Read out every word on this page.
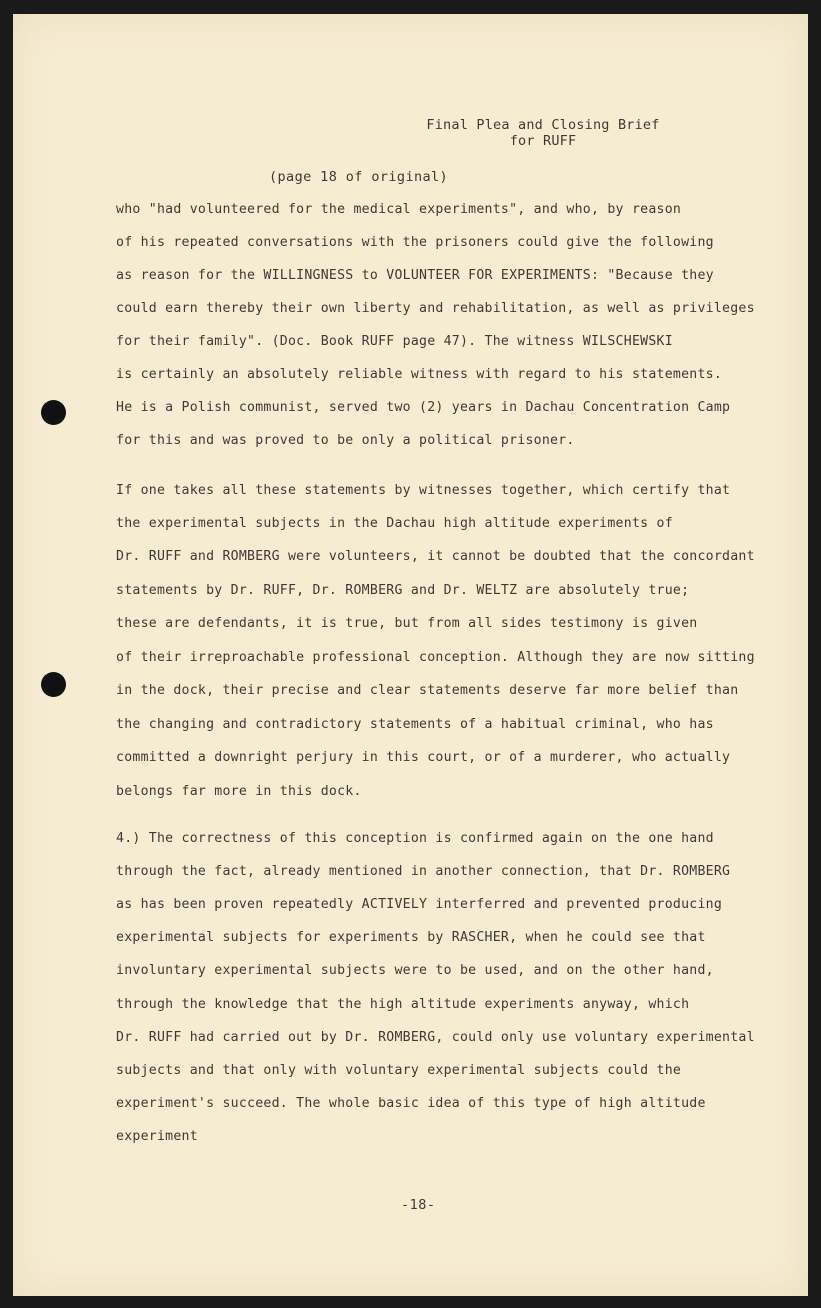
Final Plea and Closing Brief
for RUFF
(page 18 of original)
who "had volunteered for the medical experiments", and who, by reason
of his repeated conversations with the prisoners could give the following
as reason for the WILLINGNESS to VOLUNTEER FOR EXPERIMENTS: "Because they
could earn thereby their own liberty and rehabilitation, as well as privileges
for their family". (Doc. Book RUFF page 47). The witness WILSCHEWSKI
is certainly an absolutely reliable witness with regard to his statements.
He is a Polish communist, served two (2) years in Dachau Concentration Camp
for this and was proved to be only a political prisoner.
If one takes all these statements by witnesses together, which certify that
the experimental subjects in the Dachau high altitude experiments of
Dr. RUFF and ROMBERG were volunteers, it cannot be doubted that the concordant
statements by Dr. RUFF, Dr. ROMBERG and Dr. WELTZ are absolutely true;
these are defendants, it is true, but from all sides testimony is given
of their irreproachable professional conception. Although they are now sitting
in the dock, their precise and clear statements deserve far more belief than
the changing and contradictory statements of a habitual criminal, who has
committed a downright perjury in this court, or of a murderer, who actually
belongs far more in this dock.
4.) The correctness of this conception is confirmed again on the one hand
through the fact, already mentioned in another connection, that Dr. ROMBERG
as has been proven repeatedly ACTIVELY interferred and prevented producing
experimental subjects for experiments by RASCHER, when he could see that
involuntary experimental subjects were to be used, and on the other hand,
through the knowledge that the high altitude experiments anyway, which
Dr. RUFF had carried out by Dr. ROMBERG, could only use voluntary experimental
subjects and that only with voluntary experimental subjects could the
experiment's succeed. The whole basic idea of this type of high altitude
experiment
-18-
